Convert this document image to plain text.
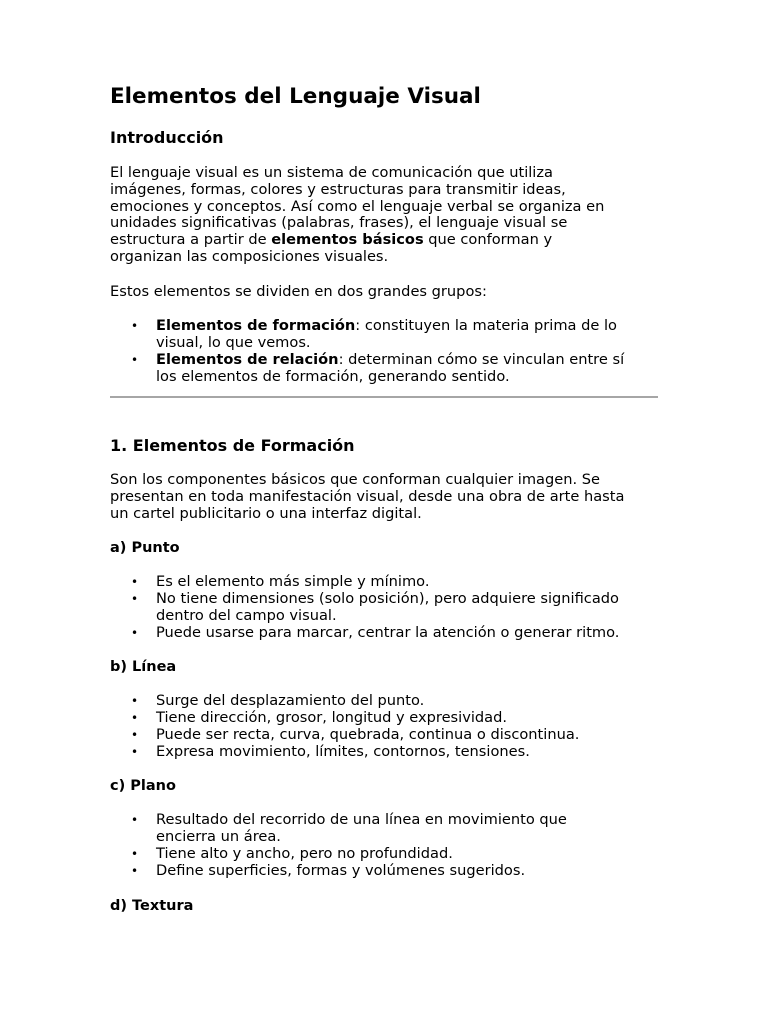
Elementos del Lenguaje Visual
Introducción

El lenguaje visual es un sistema de comunicación que utiliza
imágenes, formas, colores y estructuras para transmitir ideas,
emociones y conceptos. Así como el lenguaje verbal se organiza en
unidades significativas (palabras, frases), el lenguaje visual se
estructura a partir de elementos básicos que conforman y
organizan las composiciones visuales.

Estos elementos se dividen en dos grandes grupos:

• Elementos de formación: constituyen la materia prima de lo
visual, lo que vemos.
• Elementos de relación: determinan cómo se vinculan entre sí
los elementos de formación, generando sentido.
1. Elementos de Formación

Son los componentes básicos que conforman cualquier imagen. Se
presentan en toda manifestación visual, desde una obra de arte hasta
un cartel publicitario o una interfaz digital.

a) Punto
• Es el elemento más simple y mínimo.
• No tiene dimensiones (solo posición), pero adquiere significado
dentro del campo visual.
• Puede usarse para marcar, centrar la atención o generar ritmo.
b) Línea
• Surge del desplazamiento del punto.
• Tiene dirección, grosor, longitud y expresividad.
• Puede ser recta, curva, quebrada, continua o discontinua.
• Expresa movimiento, límites, contornos, tensiones.
c) Plano
• Resultado del recorrido de una línea en movimiento que
encierra un área.
• Tiene alto y ancho, pero no profundidad.
• Define superficies, formas y volúmenes sugeridos.
d) Textura
